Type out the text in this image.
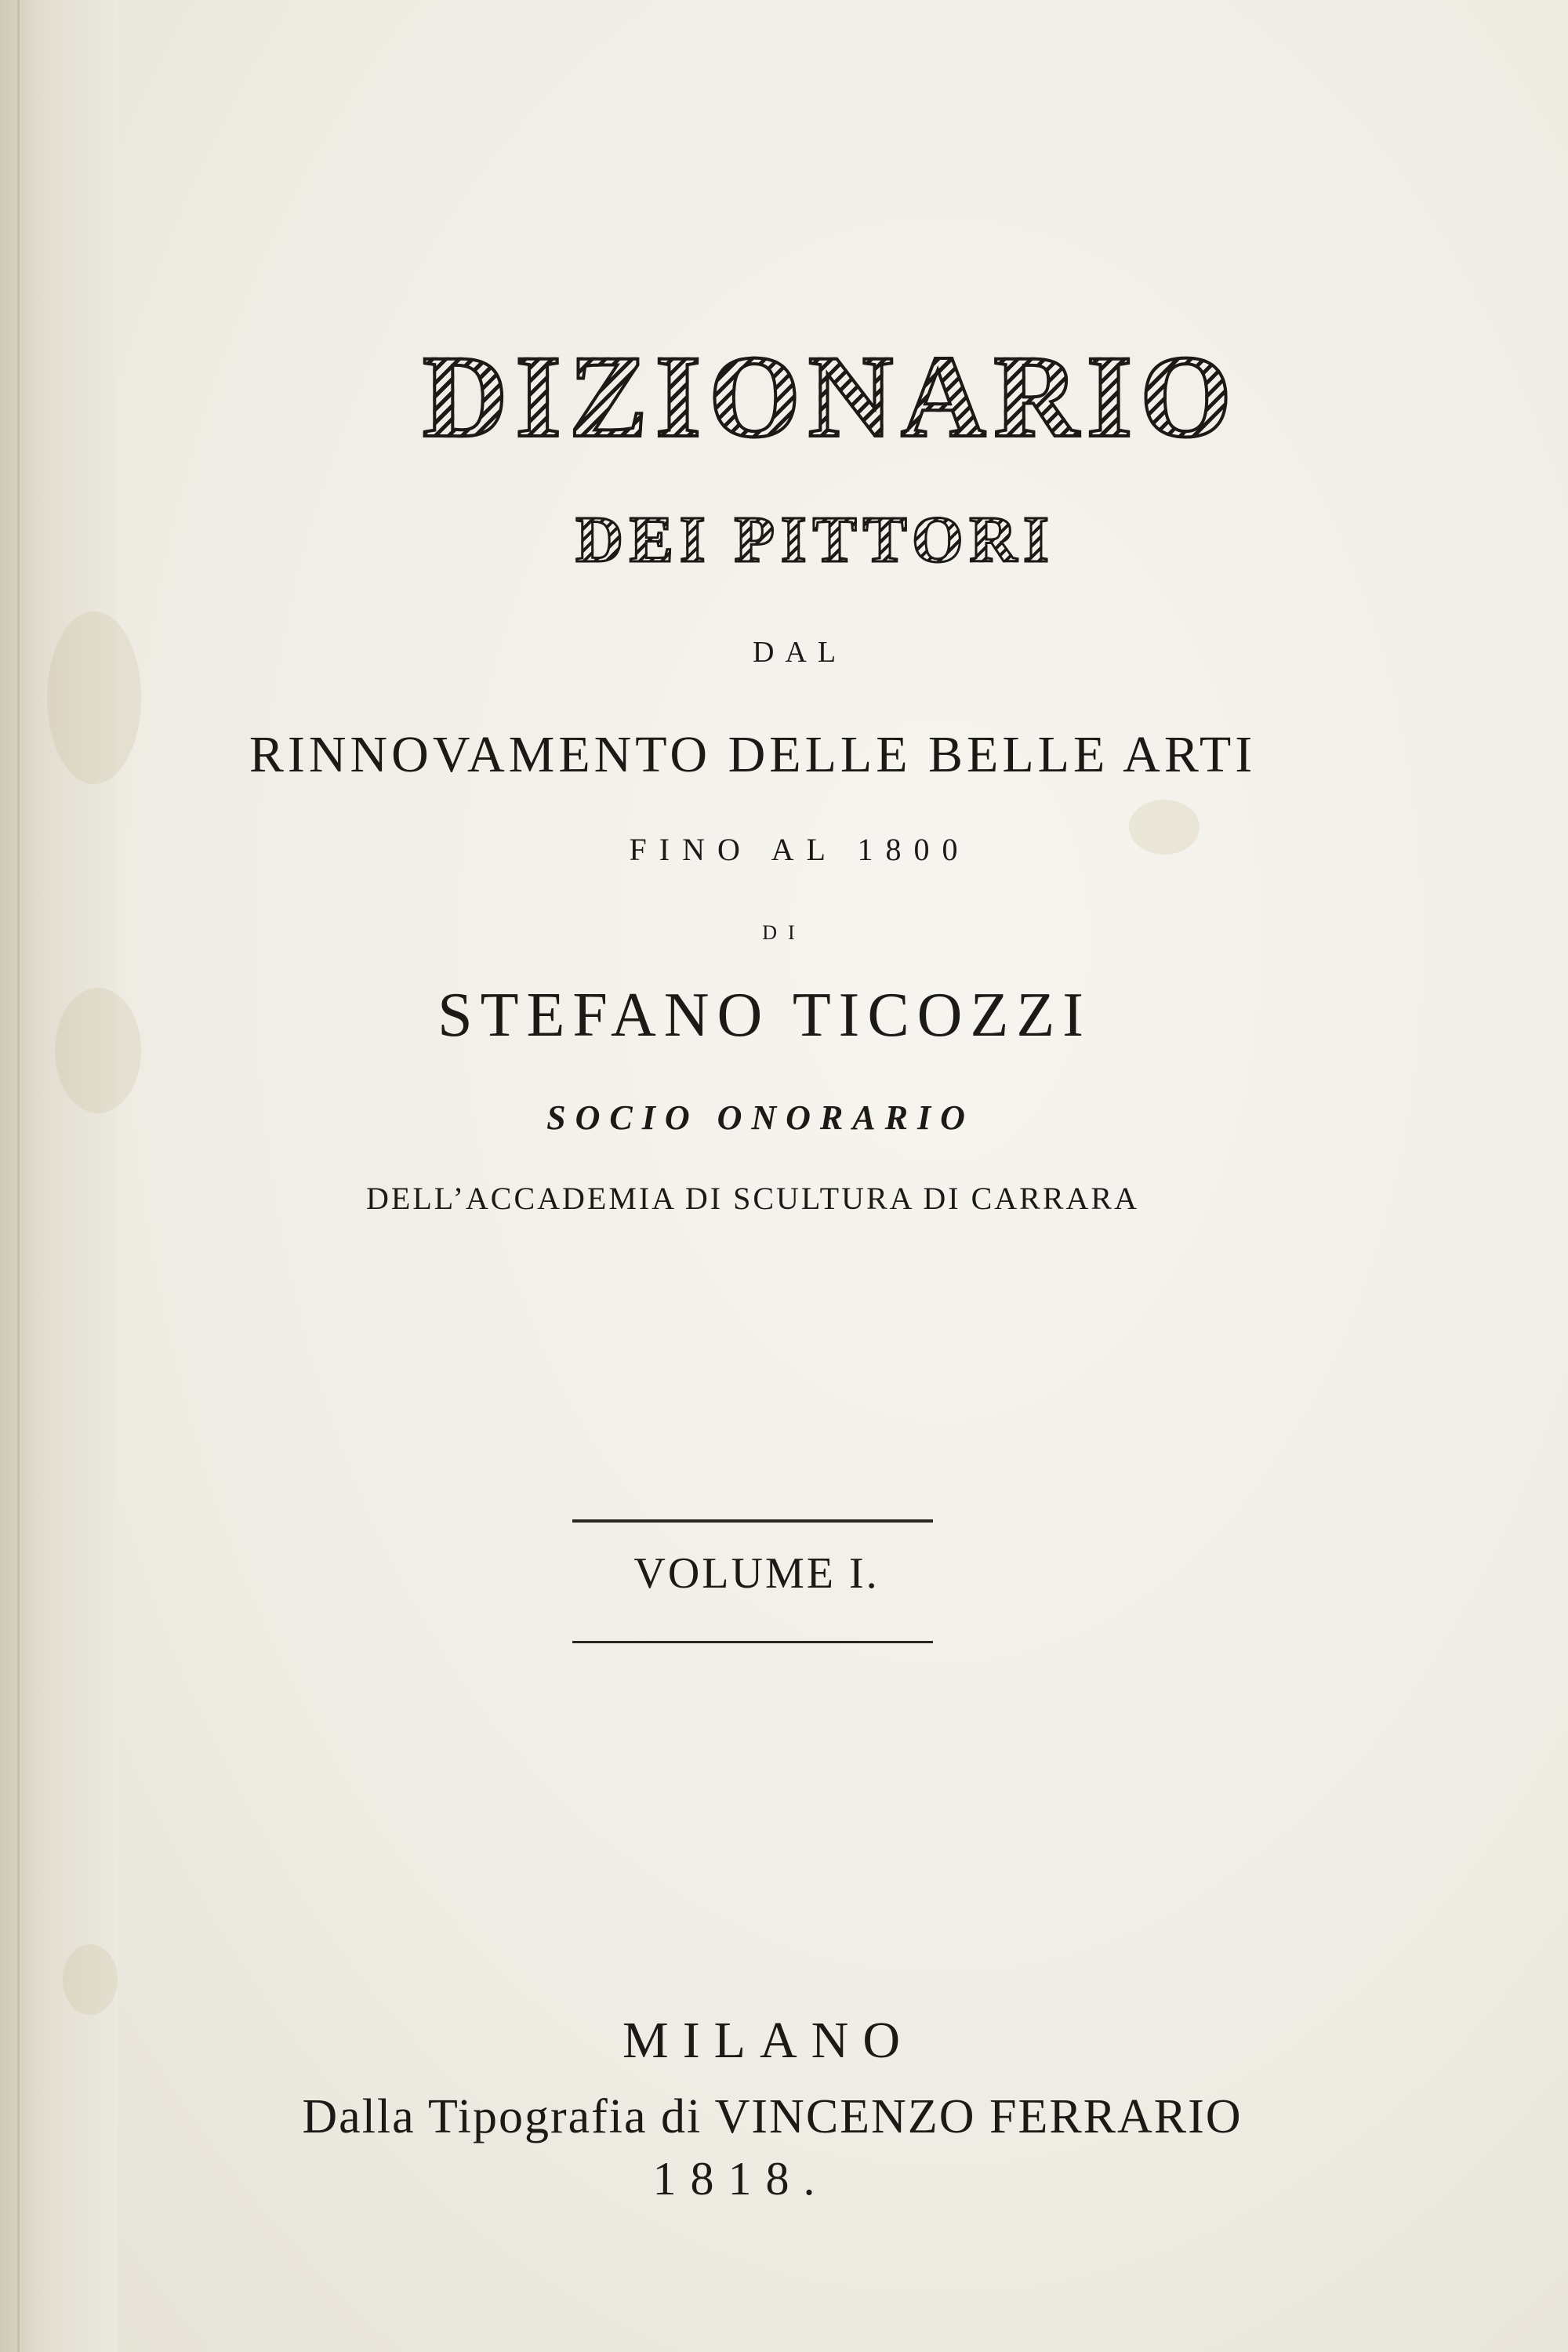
DIZIONARIO
DEI PITTORI
DAL
RINNOVAMENTO DELLE BELLE ARTI
FINO AL 1800
DI
STEFANO TICOZZI
SOCIO ONORARIO
DELL’ACCADEMIA DI SCULTURA DI CARRARA
VOLUME I.
MILANO
Dalla Tipografia di VINCENZO FERRARIO
1818.
